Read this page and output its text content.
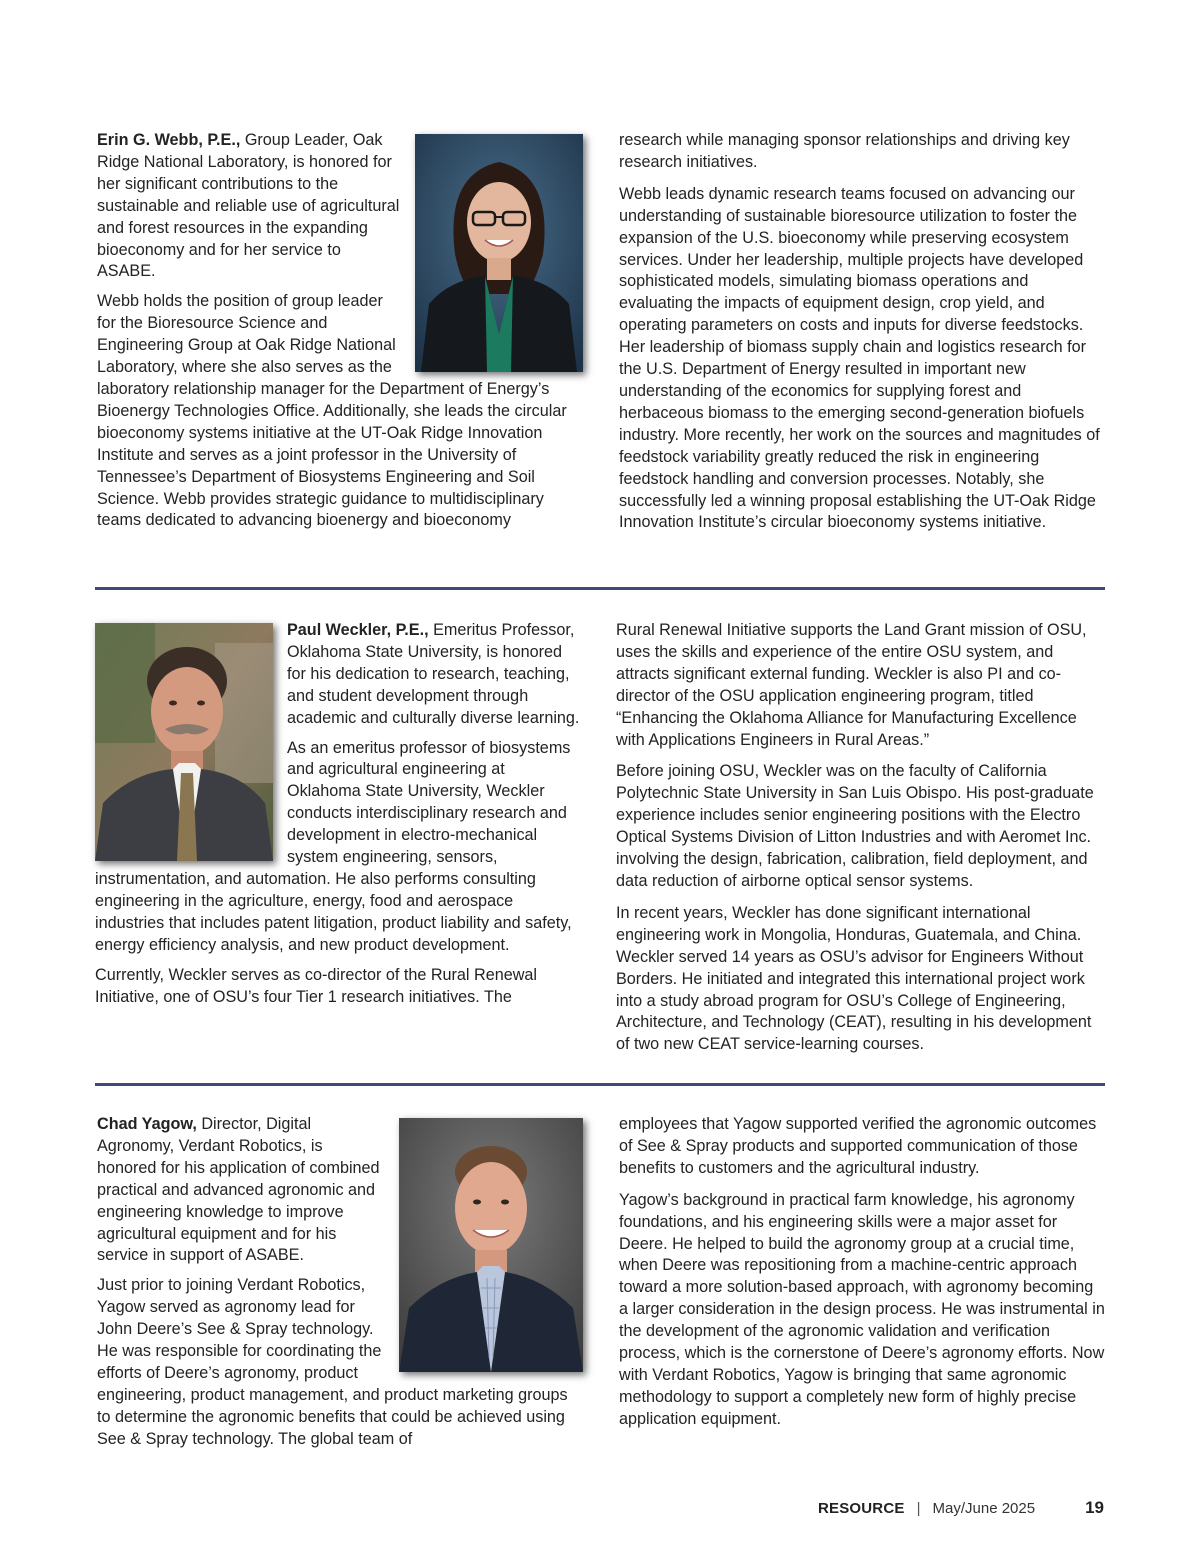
Erin G. Webb, P.E., Group Leader, Oak Ridge National Laboratory, is honored for her significant contributions to the sustainable and reliable use of agricultural and forest resources in the expanding bioeconomy and for her service to ASABE.

Webb holds the position of group leader for the Bioresource Science and Engineering Group at Oak Ridge National Laboratory, where she also serves as the laboratory relationship manager for the Department of Energy’s Bioenergy Technologies Office. Additionally, she leads the circular bioeconomy systems initiative at the UT-Oak Ridge Innovation Institute and serves as a joint professor in the University of Tennessee’s Department of Biosystems Engineering and Soil Science. Webb provides strategic guidance to multidisciplinary teams dedicated to advancing bioenergy and bioeconomy

research while managing sponsor relationships and driving key research initiatives.

Webb leads dynamic research teams focused on advancing our understanding of sustainable bioresource utilization to foster the expansion of the U.S. bioeconomy while preserving ecosystem services. Under her leadership, multiple projects have developed sophisticated models, simulating biomass operations and evaluating the impacts of equipment design, crop yield, and operating parameters on costs and inputs for diverse feedstocks. Her leadership of biomass supply chain and logistics research for the U.S. Department of Energy resulted in important new understanding of the economics for supplying forest and herbaceous biomass to the emerging second-generation biofuels industry. More recently, her work on the sources and magnitudes of feedstock variability greatly reduced the risk in engineering feedstock handling and conversion processes. Notably, she successfully led a winning proposal establishing the UT-Oak Ridge Innovation Institute’s circular bioeconomy systems initiative.

Paul Weckler, P.E., Emeritus Professor, Oklahoma State University, is honored for his dedication to research, teaching, and student development through academic and culturally diverse learning.

As an emeritus professor of biosystems and agricultural engineering at Oklahoma State University, Weckler conducts interdisciplinary research and development in electro-mechanical system engineering, sensors, instrumentation, and automation. He also performs consulting engineering in the agriculture, energy, food and aerospace industries that includes patent litigation, product liability and safety, energy efficiency analysis, and new product development.

Currently, Weckler serves as co-director of the Rural Renewal Initiative, one of OSU’s four Tier 1 research initiatives. The

Rural Renewal Initiative supports the Land Grant mission of OSU, uses the skills and experience of the entire OSU system, and attracts significant external funding. Weckler is also PI and co-director of the OSU application engineering program, titled “Enhancing the Oklahoma Alliance for Manufacturing Excellence with Applications Engineers in Rural Areas.”

Before joining OSU, Weckler was on the faculty of California Polytechnic State University in San Luis Obispo. His post-graduate experience includes senior engineering positions with the Electro Optical Systems Division of Litton Industries and with Aeromet Inc. involving the design, fabrication, calibration, field deployment, and data reduction of airborne optical sensor systems.

In recent years, Weckler has done significant international engineering work in Mongolia, Honduras, Guatemala, and China. Weckler served 14 years as OSU’s advisor for Engineers Without Borders. He initiated and integrated this international project work into a study abroad program for OSU’s College of Engineering, Architecture, and Technology (CEAT), resulting in his development of two new CEAT service-learning courses.

Chad Yagow, Director, Digital Agronomy, Verdant Robotics, is honored for his application of combined practical and advanced agronomic and engineering knowledge to improve agricultural equipment and for his service in support of ASABE.

Just prior to joining Verdant Robotics, Yagow served as agronomy lead for John Deere’s See & Spray technology. He was responsible for coordinating the efforts of Deere’s agronomy, product engineering, product management, and product marketing groups to determine the agronomic benefits that could be achieved using See & Spray technology. The global team of

employees that Yagow supported verified the agronomic outcomes of See & Spray products and supported communication of those benefits to customers and the agricultural industry.

Yagow’s background in practical farm knowledge, his agronomy foundations, and his engineering skills were a major asset for Deere. He helped to build the agronomy group at a crucial time, when Deere was repositioning from a machine-centric approach toward a more solution-based approach, with agronomy becoming a larger consideration in the design process. He was instrumental in the development of the agronomic validation and verification process, which is the cornerstone of Deere’s agronomy efforts. Now with Verdant Robotics, Yagow is bringing that same agronomic methodology to support a completely new form of highly precise application equipment.

RESOURCE | May/June 2025	19
